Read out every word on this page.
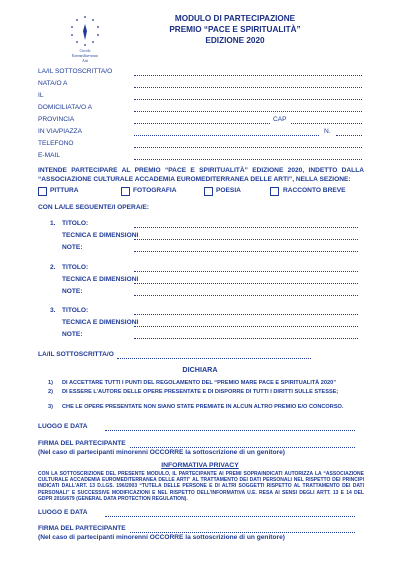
Circolo
Euromediterranea
Arti
MODULO DI PARTECIPAZIONE
PREMIO “PACE E SPIRITUALITÀ”
EDIZIONE 2020
LA/IL SOTTOSCRITTA/O
NATA/O A
IL
DOMICILIATA/O A
PROVINCIA	CAP
IN VIA/PIAZZA	N.
TELEFONO
E-MAIL
INTENDE PARTECIPARE AL PREMIO “PACE E SPIRITUALITÀ” EDIZIONE 2020, INDETTO DALLA “ASSOCIAZIONE CULTURALE ACCADEMIA EUROMEDITERRANEA DELLE ARTI”, NELLA SEZIONE:
PITTURA	FOTOGRAFIA	POESIA	RACCONTO BREVE
CON LA/LE SEGUENTE/I OPERA/E:
1. TITOLO:
TECNICA E DIMENSIONI
NOTE:
2. TITOLO:
TECNICA E DIMENSIONI
NOTE:
3. TITOLO:
TECNICA E DIMENSIONI
NOTE:
LA/IL SOTTOSCRITTA/O
DICHIARA
1) DI ACCETTARE TUTTI I PUNTI DEL REGOLAMENTO DEL “PREMIO MARE PACE E SPIRITUALITÀ 2020”
2) DI ESSERE L’AUTORE DELLE OPERE PRESENTATE E DI DISPORRE DI TUTTI I DIRITTI SULLE STESSE;
3) CHE LE OPERE PRESENTATE NON SIANO STATE PREMIATE IN ALCUN ALTRO PREMIO E/O CONCORSO.
LUOGO E DATA
FIRMA DEL PARTECIPANTE
(Nel caso di partecipanti minorenni OCCORRE la sottoscrizione di un genitore)
INFORMATIVA PRIVACY
CON LA SOTTOSCRIZIONE DEL PRESENTE MODULO, IL PARTECIPANTE AI PREMI SOPRAINDICATI AUTORIZZA LA “ASSOCIAZIONE CULTURALE ACCADEMIA EUROMEDITERRANEA DELLE ARTI” AL TRATTAMENTO DEI DATI PERSONALI NEL RISPETTO DEI PRINCIPI INDICATI DALL’ART. 13 D.LGS. 196/2003 “TUTELA DELLE PERSONE E DI ALTRI SOGGETTI RISPETTO AL TRATTAMENTO DEI DATI PERSONALI” E SUCCESSIVE MODIFICAZIONI E NEL RISPETTO DELL’INFORMATIVA U.E. RESA AI SENSI DEGLI ARTT. 13 E 14 DEL GDPR 2016/679 (GENERAL DATA PROTECTION REGULATION).
LUOGO E DATA
FIRMA DEL PARTECIPANTE
(Nel caso di partecipanti minorenni OCCORRE la sottoscrizione di un genitore)
